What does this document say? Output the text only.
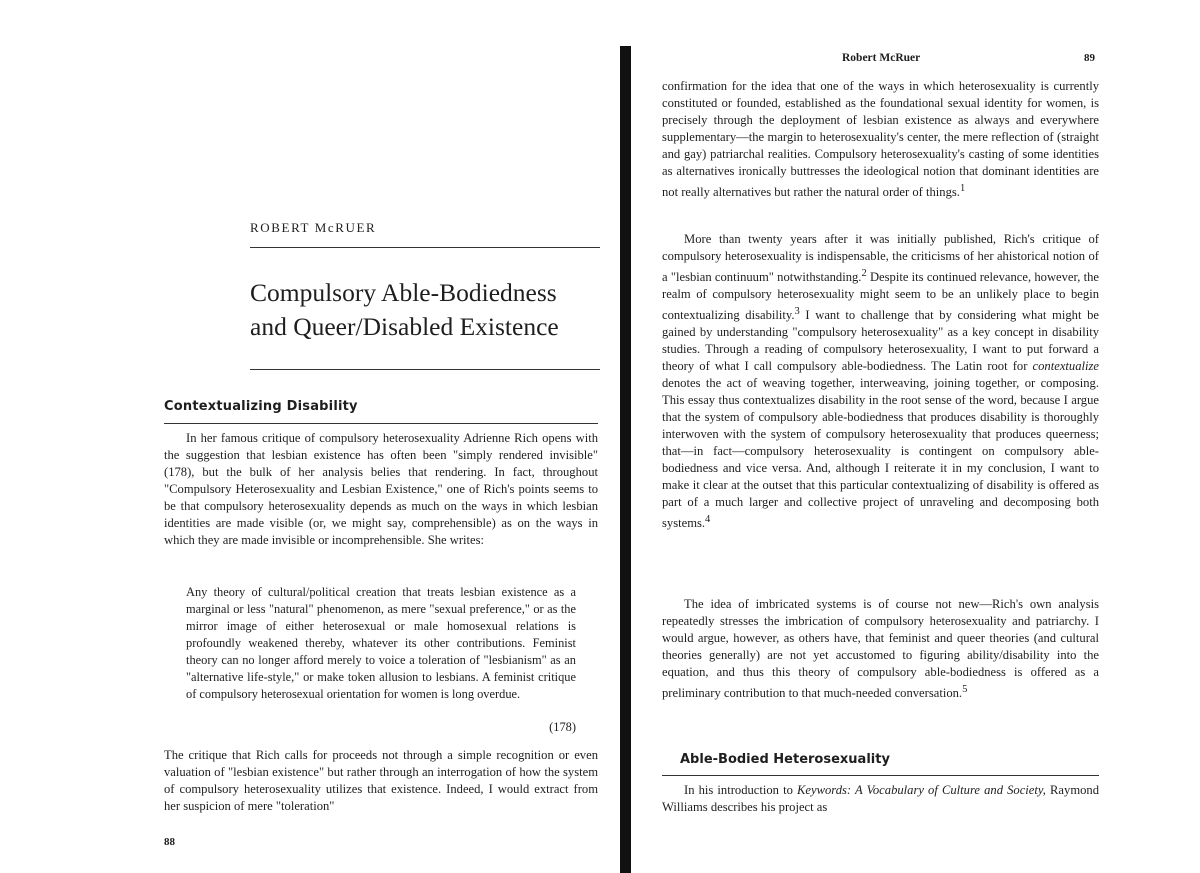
ROBERT McRUER
Compulsory Able-Bodiedness
and Queer/Disabled Existence
Contextualizing Disability

In her famous critique of compulsory heterosexuality Adrienne Rich opens with the suggestion that lesbian existence has often been "simply rendered invisible" (178), but the bulk of her analysis belies that rendering. In fact, throughout "Compulsory Heterosexuality and Lesbian Existence," one of Rich's points seems to be that compulsory heterosexuality depends as much on the ways in which lesbian identities are made visible (or, we might say, comprehensible) as on the ways in which they are made invisible or incomprehensible. She writes:

Any theory of cultural/political creation that treats lesbian existence as a marginal or less "natural" phenomenon, as mere "sexual preference," or as the mirror image of either heterosexual or male homosexual relations is profoundly weakened thereby, whatever its other contributions. Feminist theory can no longer afford merely to voice a toleration of "lesbianism" as an "alternative life-style," or make token allusion to lesbians. A feminist critique of compulsory heterosexual orientation for women is long overdue.

(178)

The critique that Rich calls for proceeds not through a simple recognition or even valuation of "lesbian existence" but rather through an interrogation of how the system of compulsory heterosexuality utilizes that existence. Indeed, I would extract from her suspicion of mere "toleration"

88
Robert McRuer	89

confirmation for the idea that one of the ways in which heterosexuality is currently constituted or founded, established as the foundational sexual identity for women, is precisely through the deployment of lesbian existence as always and everywhere supplementary—the margin to heterosexuality's center, the mere reflection of (straight and gay) patriarchal realities. Compulsory heterosexuality's casting of some identities as alternatives ironically buttresses the ideological notion that dominant identities are not really alternatives but rather the natural order of things.$^1$

More than twenty years after it was initially published, Rich's critique of compulsory heterosexuality is indispensable, the criticisms of her ahistorical notion of a "lesbian continuum" notwithstanding.$^2$ Despite its continued relevance, however, the realm of compulsory heterosexuality might seem to be an unlikely place to begin contextualizing disability.$^3$ I want to challenge that by considering what might be gained by understanding "compulsory heterosexuality" as a key concept in disability studies. Through a reading of compulsory heterosexuality, I want to put forward a theory of what I call compulsory able-bodiedness. The Latin root for contextualize denotes the act of weaving together, interweaving, joining together, or composing. This essay thus contextualizes disability in the root sense of the word, because I argue that the system of compulsory able-bodiedness that produces disability is thoroughly interwoven with the system of compulsory heterosexuality that produces queerness; that—in fact—compulsory heterosexuality is contingent on compulsory able-bodiedness and vice versa. And, although I reiterate it in my conclusion, I want to make it clear at the outset that this particular contextualizing of disability is offered as part of a much larger and collective project of unraveling and decomposing both systems.$^4$

The idea of imbricated systems is of course not new—Rich's own analysis repeatedly stresses the imbrication of compulsory heterosexuality and patriarchy. I would argue, however, as others have, that feminist and queer theories (and cultural theories generally) are not yet accustomed to figuring ability/disability into the equation, and thus this theory of compulsory able-bodiedness is offered as a preliminary contribution to that much-needed conversation.$^5$

Able-Bodied Heterosexuality

In his introduction to Keywords: A Vocabulary of Culture and Society, Raymond Williams describes his project as
